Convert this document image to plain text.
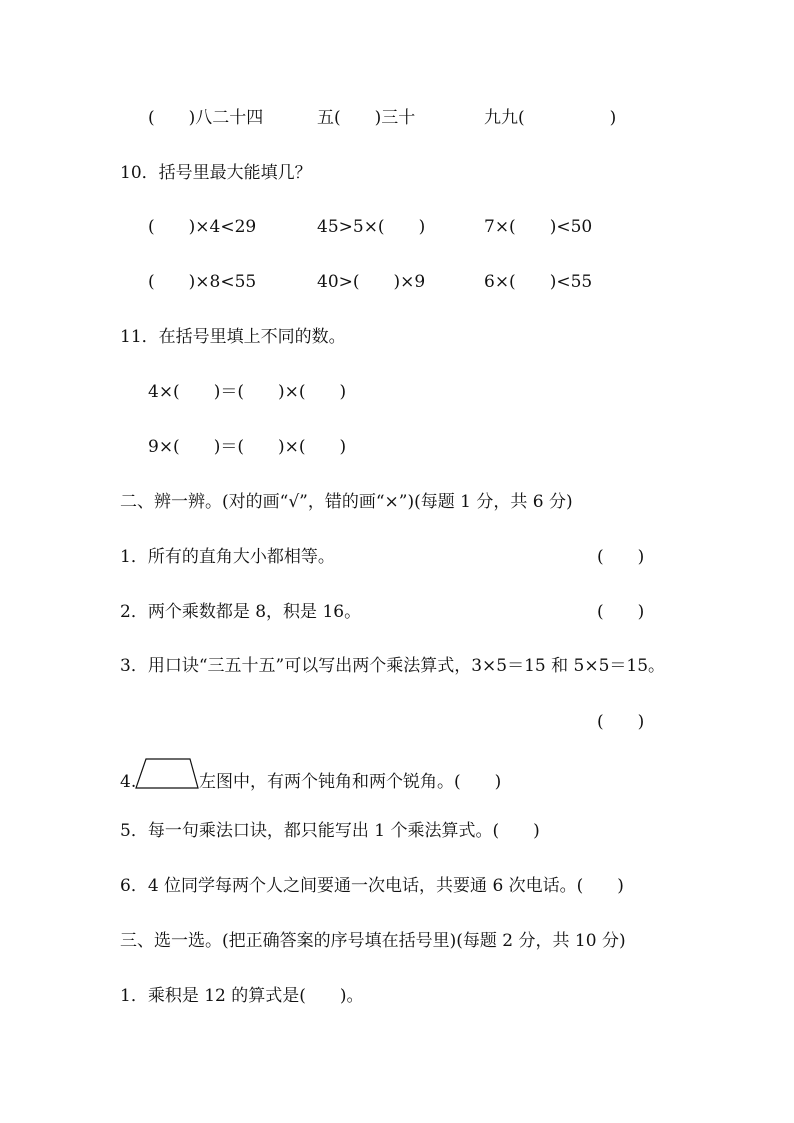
(　　)八二十四	五(　　)三十	九九(　　　　　)
10．括号里最大能填几？
(　　)×4<29	45>5×(　　)	7×(　　)<50
(　　)×8<55	40>(　　)×9	6×(　　)<55
11．在括号里填上不同的数。
4×(　　)＝(　　)×(　　)
9×(　　)＝(　　)×(　　)
二、辨一辨。(对的画“√”，错的画“×”)(每题 1 分，共 6 分)
1．所有的直角大小都相等。	(　　)
2．两个乘数都是 8，积是 16。	(　　)
3．用口诀“三五十五”可以写出两个乘法算式，3×5＝15 和 5×5＝15。
(　　)
4.	左图中，有两个钝角和两个锐角。(　　)
5．每一句乘法口诀，都只能写出 1 个乘法算式。(　　)
6．4 位同学每两个人之间要通一次电话，共要通 6 次电话。(　　)
三、选一选。(把正确答案的序号填在括号里)(每题 2 分，共 10 分)
1．乘积是 12 的算式是(　　)。
